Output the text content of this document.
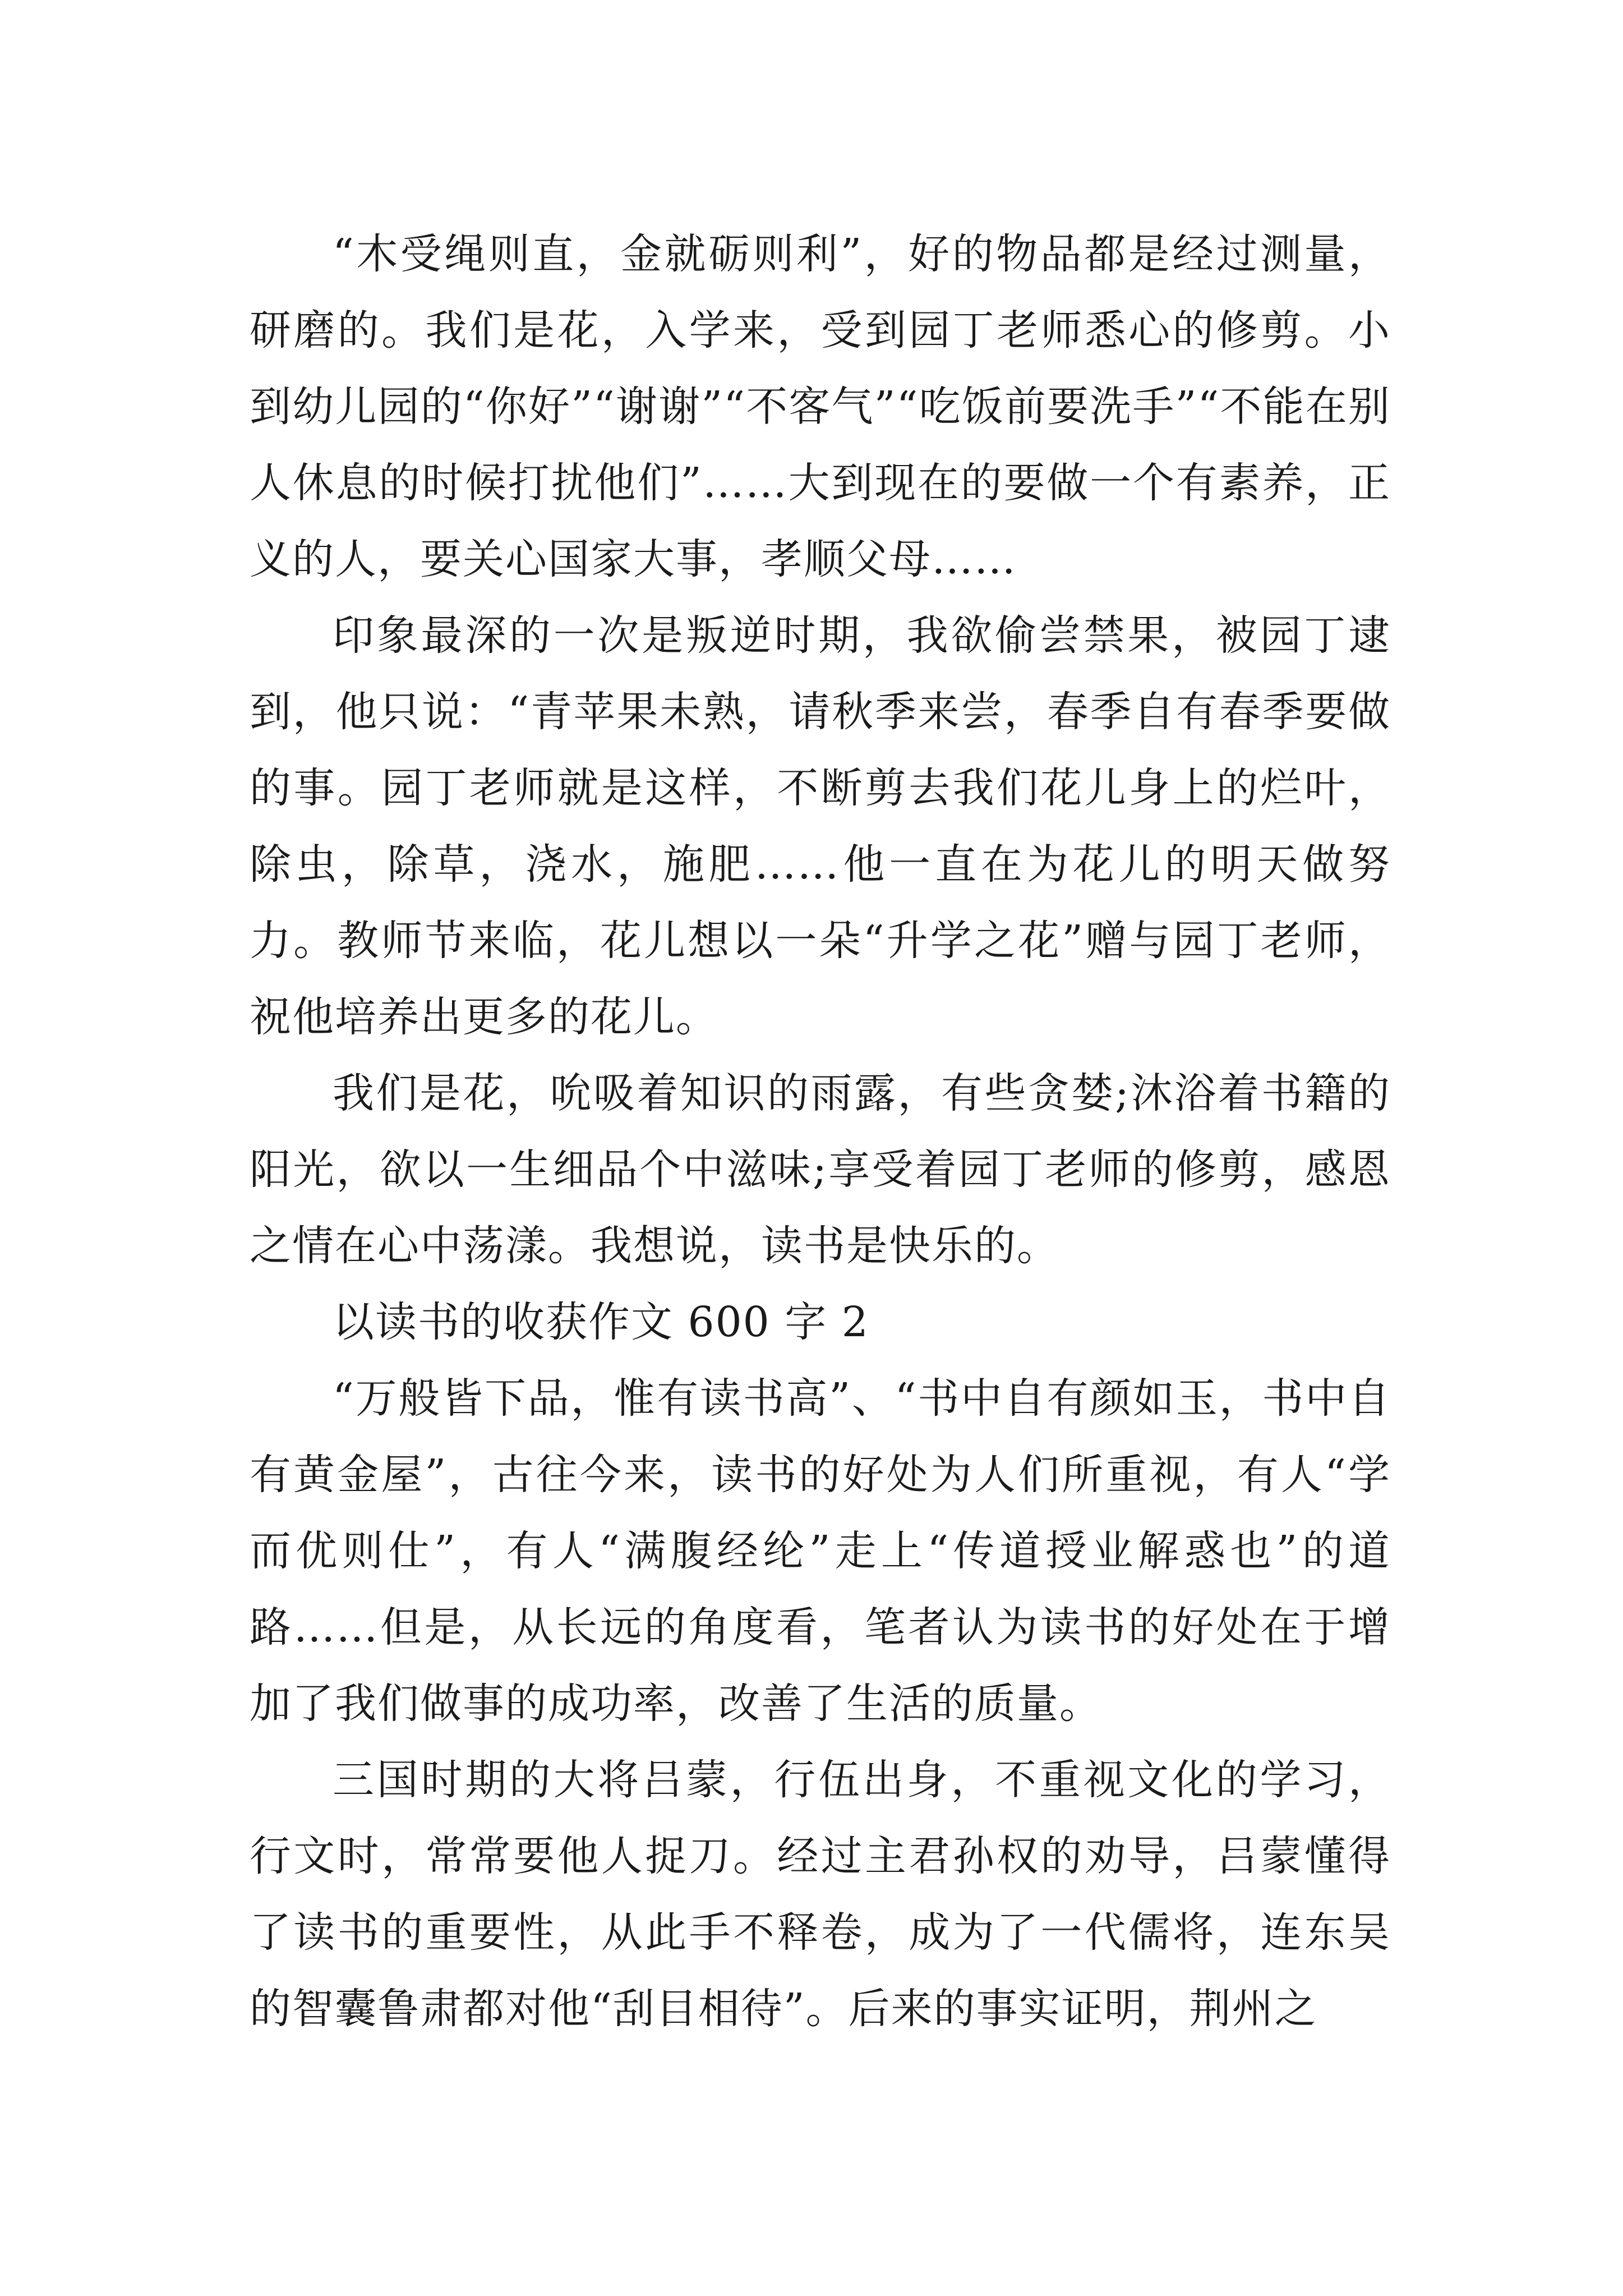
“木受绳则直，金就砺则利”，好的物品都是经过测量，研磨的。我们是花，入学来，受到园丁老师悉心的修剪。小到幼儿园的“你好”“谢谢”“不客气”“吃饭前要洗手”“不能在别人休息的时候打扰他们”……大到现在的要做一个有素养，正义的人，要关心国家大事，孝顺父母……

印象最深的一次是叛逆时期，我欲偷尝禁果，被园丁逮到，他只说：“青苹果未熟，请秋季来尝，春季自有春季要做的事。园丁老师就是这样，不断剪去我们花儿身上的烂叶，除虫，除草，浇水，施肥……他一直在为花儿的明天做努力。教师节来临，花儿想以一朵“升学之花”赠与园丁老师，祝他培养出更多的花儿。

我们是花，吮吸着知识的雨露，有些贪婪;沐浴着书籍的阳光，欲以一生细品个中滋味;享受着园丁老师的修剪，感恩之情在心中荡漾。我想说，读书是快乐的。

以读书的收获作文 600 字 2

“万般皆下品，惟有读书高”、“书中自有颜如玉，书中自有黄金屋”，古往今来，读书的好处为人们所重视，有人“学而优则仕”，有人“满腹经纶”走上“传道授业解惑也”的道路……但是，从长远的角度看，笔者认为读书的好处在于增加了我们做事的成功率，改善了生活的质量。

三国时期的大将吕蒙，行伍出身，不重视文化的学习，行文时，常常要他人捉刀。经过主君孙权的劝导，吕蒙懂得了读书的重要性，从此手不释卷，成为了一代儒将，连东吴的智囊鲁肃都对他“刮目相待”。后来的事实证明，荆州之
